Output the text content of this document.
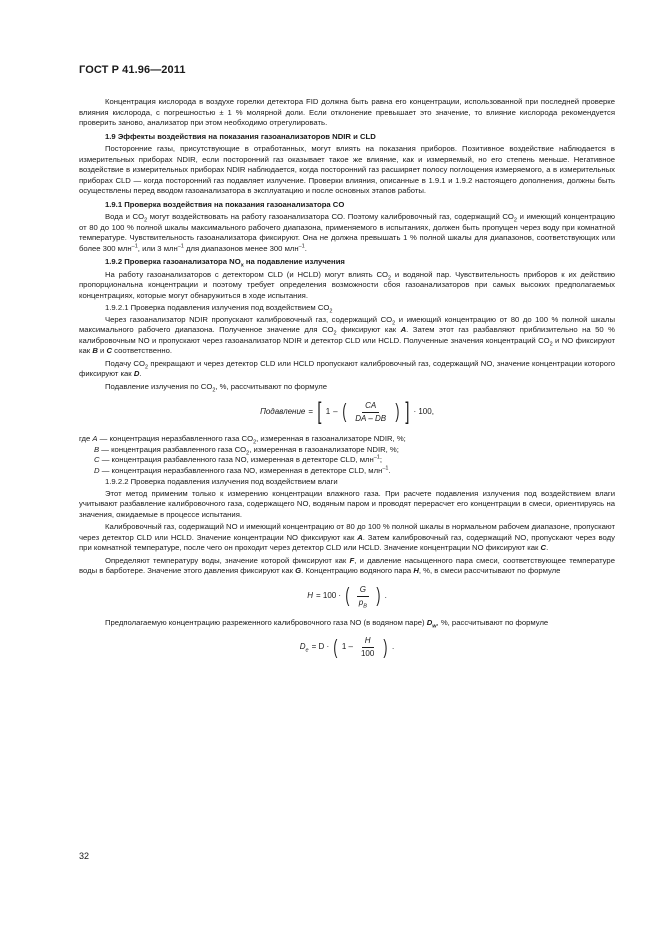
ГОСТ Р 41.96—2011

Концентрация кислорода в воздухе горелки детектора FID должна быть равна его концентрации, использованной при последней проверке влияния кислорода, с погрешностью ± 1 % молярной доли. Если отклонение превышает это значение, то влияние кислорода рекомендуется проверить заново, анализатор при этом необходимо отрегулировать.

1.9 Эффекты воздействия на показания газоанализаторов NDIR и CLD

Посторонние газы, присутствующие в отработанных, могут влиять на показания приборов. Позитивное воздействие наблюдается в измерительных приборах NDIR, если посторонний газ оказывает такое же влияние, как и измеряемый, но его степень меньше. Негативное воздействие в измерительных приборах NDIR наблюдается, когда посторонний газ расширяет полосу поглощения измеряемого, а в измерительных приборах CLD — когда посторонний газ подавляет излучение. Проверки влияния, описанные в 1.9.1 и 1.9.2 настоящего дополнения, должны быть осуществлены перед вводом газоанализатора в эксплуатацию и после основных этапов работы.

1.9.1 Проверка воздействия на показания газоанализатора CO

Вода и $CO_2$ могут воздействовать на работу газоанализатора CO. Поэтому калибровочный газ, содержащий $CO_2$ и имеющий концентрацию от 80 до 100 % полной шкалы максимального рабочего диапазона, применяемого в испытаниях, должен быть пропущен через воду при комнатной температуре. Чувствительность газоанализатора фиксируют. Она не должна превышать 1 % полной шкалы для диапазонов, соответствующих или более 300 млн$^{-1}$, или 3 млн$^{-1}$ для диапазонов менее 300 млн$^{-1}$.

1.9.2 Проверка газоанализатора $NO_x$ на подавление излучения

На работу газоанализаторов с детектором CLD (и HCLD) могут влиять $CO_2$ и водяной пар. Чувствительность приборов к их действию пропорциональна концентрации и поэтому требует определения возможности сбоя газоанализаторов при самых высоких предполагаемых концентрациях, которые могут обнаружиться в ходе испытания.

1.9.2.1 Проверка подавления излучения под воздействием $CO_2$

Через газоанализатор NDIR пропускают калибровочный газ, содержащий $CO_2$ и имеющий концентрацию от 80 до 100 % полной шкалы максимального рабочего диапазона. Полученное значение для $CO_2$ фиксируют как A. Затем этот газ разбавляют приблизительно на 50 % калибровочным NO и пропускают через газоанализатор NDIR и детектор CLD или HCLD. Полученные значения концентраций $CO_2$ и NO фиксируют как B и C соответственно.

Подачу $CO_2$ прекращают и через детектор CLD или HCLD пропускают калибровочный газ, содержащий NO, значение концентрации которого фиксируют как D.

Подавление излучения по $CO_2$, %, рассчитывают по формуле

Подавление = [ 1 – ( $\frac{CA}{DA - DB}$ ) ] · 100,

где A — концентрация неразбавленного газа $CO_2$, измеренная в газоанализаторе NDIR, %;

B — концентрация разбавленного газа $CO_2$, измеренная в газоанализаторе NDIR, %;

C — концентрация разбавленного газа NO, измеренная в детекторе CLD, млн$^{-1}$;

D — концентрация неразбавленного газа NO, измеренная в детекторе CLD, млн$^{-1}$.

1.9.2.2 Проверка подавления излучения под воздействием влаги

Этот метод применим только к измерению концентрации влажного газа. При расчете подавления излучения под воздействием влаги учитывают разбавление калибровочного газа, содержащего NO, водяным паром и проводят перерасчет его концентрации в смеси, ориентируясь на значения, ожидаемые в процессе испытания.

Калибровочный газ, содержащий NO и имеющий концентрацию от 80 до 100 % полной шкалы в нормальном рабочем диапазоне, пропускают через детектор CLD или HCLD. Значение концентрации NO фиксируют как A. Затем калибровочный газ, содержащий NO, пропускают через воду при комнатной температуре, после чего он проходит через детектор CLD или HCLD. Значение концентрации NO фиксируют как C.

Определяют температуру воды, значение которой фиксируют как F, и давление насыщенного пара смеси, соответствующее температуре воды в барботере. Значение этого давления фиксируют как G. Концентрацию водяного пара H, %, в смеси рассчитывают по формуле

H = 100 · ( $\frac{G}{p_B}$ ) .

Предполагаемую концентрацию разреженного калибровочного газа NO (в водяном паре) $D_w$, %, рассчитывают по формуле

$D_e = D$ · ( $1 - \frac{H}{100}$ ) .
32
